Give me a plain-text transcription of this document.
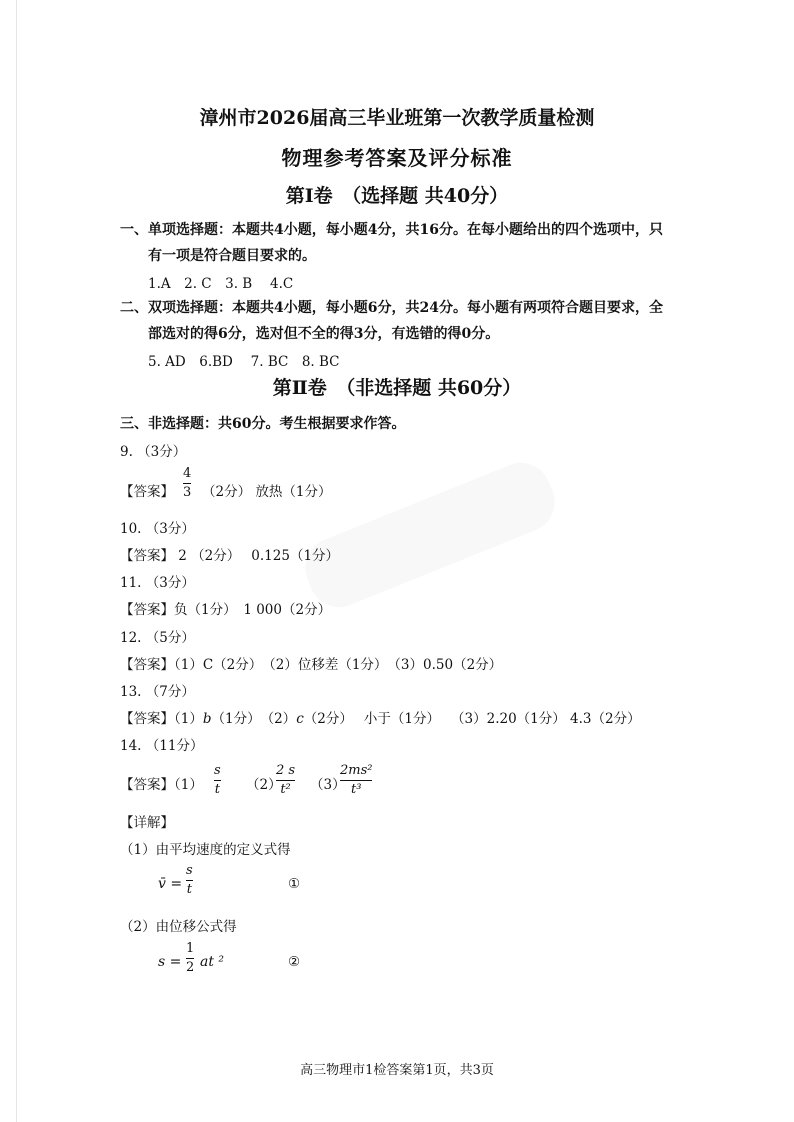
漳州市2026届高三毕业班第一次教学质量检测
物理参考答案及评分标准
第Ⅰ卷　（选择题 共40分）
一、单项选择题：本题共4小题，每小题4分，共16分。在每小题给出的四个选项中，只
有一项是符合题目要求的。
1.A　2. C　3. B　 4.C
二、双项选择题：本题共4小题，每小题6分，共24分。每小题有两项符合题目要求，全
部选对的得6分，选对但不全的得3分，有选错的得0分。
5. AD　6.BD　 7. BC　8. BC
第Ⅱ卷　（非选择题 共60分）
三、非选择题：共60分。考生根据要求作答。
9. （3分）
【答案】
4
3 （2分） 放热（1分）
10. （3分）
【答案】 2 （2分）　 0.125（1分）
11. （3分）
【答案】负（1分）　1 000（2分）
12. （5分）
【答案】（1）C（2分）　（2）位移差（1分）　（3）0.50（2分）
13. （7分）
【答案】（1）b（1分）　（2）c（2分）　 小于（1分）　 （3）2.20（1分） 4.3（2分）
14. （11分）
【答案】（1）
s
t （2）
2 s
t²	（3）
2ms²
t³
【详解】
（1）由平均速度的定义式得
v̄ =
s
t	①
（2）由位移公式得
s =
1
2 at ²	②
高三物理市1检答案第1页，共3页
